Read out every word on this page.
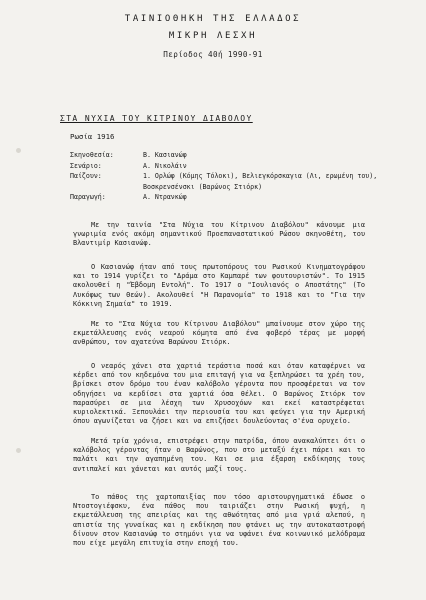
ΤΑΙΝΙΟΘΗΚΗ ΤΗΣ ΕΛΛΑΔΟΣ
ΜΙΚΡΗ ΛΕΣΧΗ
Περίοδος 40ή 1990-91
ΣΤΑ ΝΥΧΙΑ ΤΟΥ ΚΙΤΡΙΝΟΥ ΔΙΑΒΟΛΟΥ
Ρωσία 1916
Σκηνοθεσία:	Β. Κασιανώφ
Σενάριο:	Α. Νικολάιν
Παίζουν:	1. Ορλώφ (Κόμης Τόλοκι), Βελιεγκόρσκαγια (Λι, ερωμένη του), Βοσκρενσένσκι (Βαρώνος Στιόρκ)
Παραγωγή:	Α. Ντρανκώφ

Με την ταινία "Στα Νύχια του Κίτρινου Διαβόλου" κάνουμε μια γνωριμία ενός ακόμη σημαντικού Προεπαναστατικού Ρώσου σκηνοθέτη, του Βλαντιμίρ Κασιανώφ.

Ο Κασιανώφ ήταν από τους πρωτοπόρους του Ρωσικού Κινηματογράφου και το 1914 γυρίζει το "Δράμα στο Καμπαρέ των φουτουριστών". Το 1915 ακολουθεί η "Έβδομη Εντολή". Το 1917 ο "Ιουλιανός ο Αποστάτης" (Το Λυκόφως των Θεών). Ακολουθεί "Η Παρανομία" το 1918 και το "Για την Κόκκινη Σημαία" το 1919.

Με το "Στα Νύχια του Κίτρινου Διαβόλου" μπαίνουμε στον χώρο της εκμετάλλευσης ενός νεαρού κόμητα από ένα φοβερό τέρας με μορφή ανθρώπου, τον αχατεύνα Βαρώνου Στιόρκ.

Ο νεαρός χάνει στα χαρτιά τεράστια ποσά και όταν καταφέρνει να κέρδει από τον κηδεμόνα του μια επιταγή για να ξεπληρώσει τα χρέη του, βρίσκει στον δρόμο του έναν καλόβολο γέροντα που προσφέρεται να τον οδηγήσει να κερδίσει στα χαρτιά όσα θέλει. Ο Βαρώνος Στιόρκ τον παρασύρει σε μια λέσχη των Χρυσοχόων και εκεί καταστρέφεται κυριολεκτικά. Ξεπουλάει την περιουσία του και φεύγει για την Αμερική όπου αγωνίζεται να ζήσει και να επιζήσει δουλεύοντας σ'ένα ορυχείο.

Μετά τρία χρόνια, επιστρέφει στην πατρίδα, όπου ανακαλύπτει ότι ο καλόβολος γέροντας ήταν ο Βαρώνος, που στο μεταξύ έχει πάρει και το παλάτι και την αγαπημένη του. Και σε μια έξαρση εκδίκησης τους αντιπαλεί και χάνεται και αυτός μαζί τους.

Το πάθος της χαρτοπαιξίας που τόσο αριστουργηματικά έδωσε ο Ντοστογιέφσκυ, ένα πάθος που ταιριάζει στην Ρωσική ψυχή, η εκμετάλλευση της απειρίας και της αθωότητας από μια γριά αλεπού, η απιστία της γυναίκας και η εκδίκηση που φτάνει ως την αυτοκαταστροφή δίνουν στον Κασιανώφ το στημόνι για να υφάνει ένα κοινωνικό μελόδραμα που είχε μεγάλη επιτυχία στην εποχή του.
